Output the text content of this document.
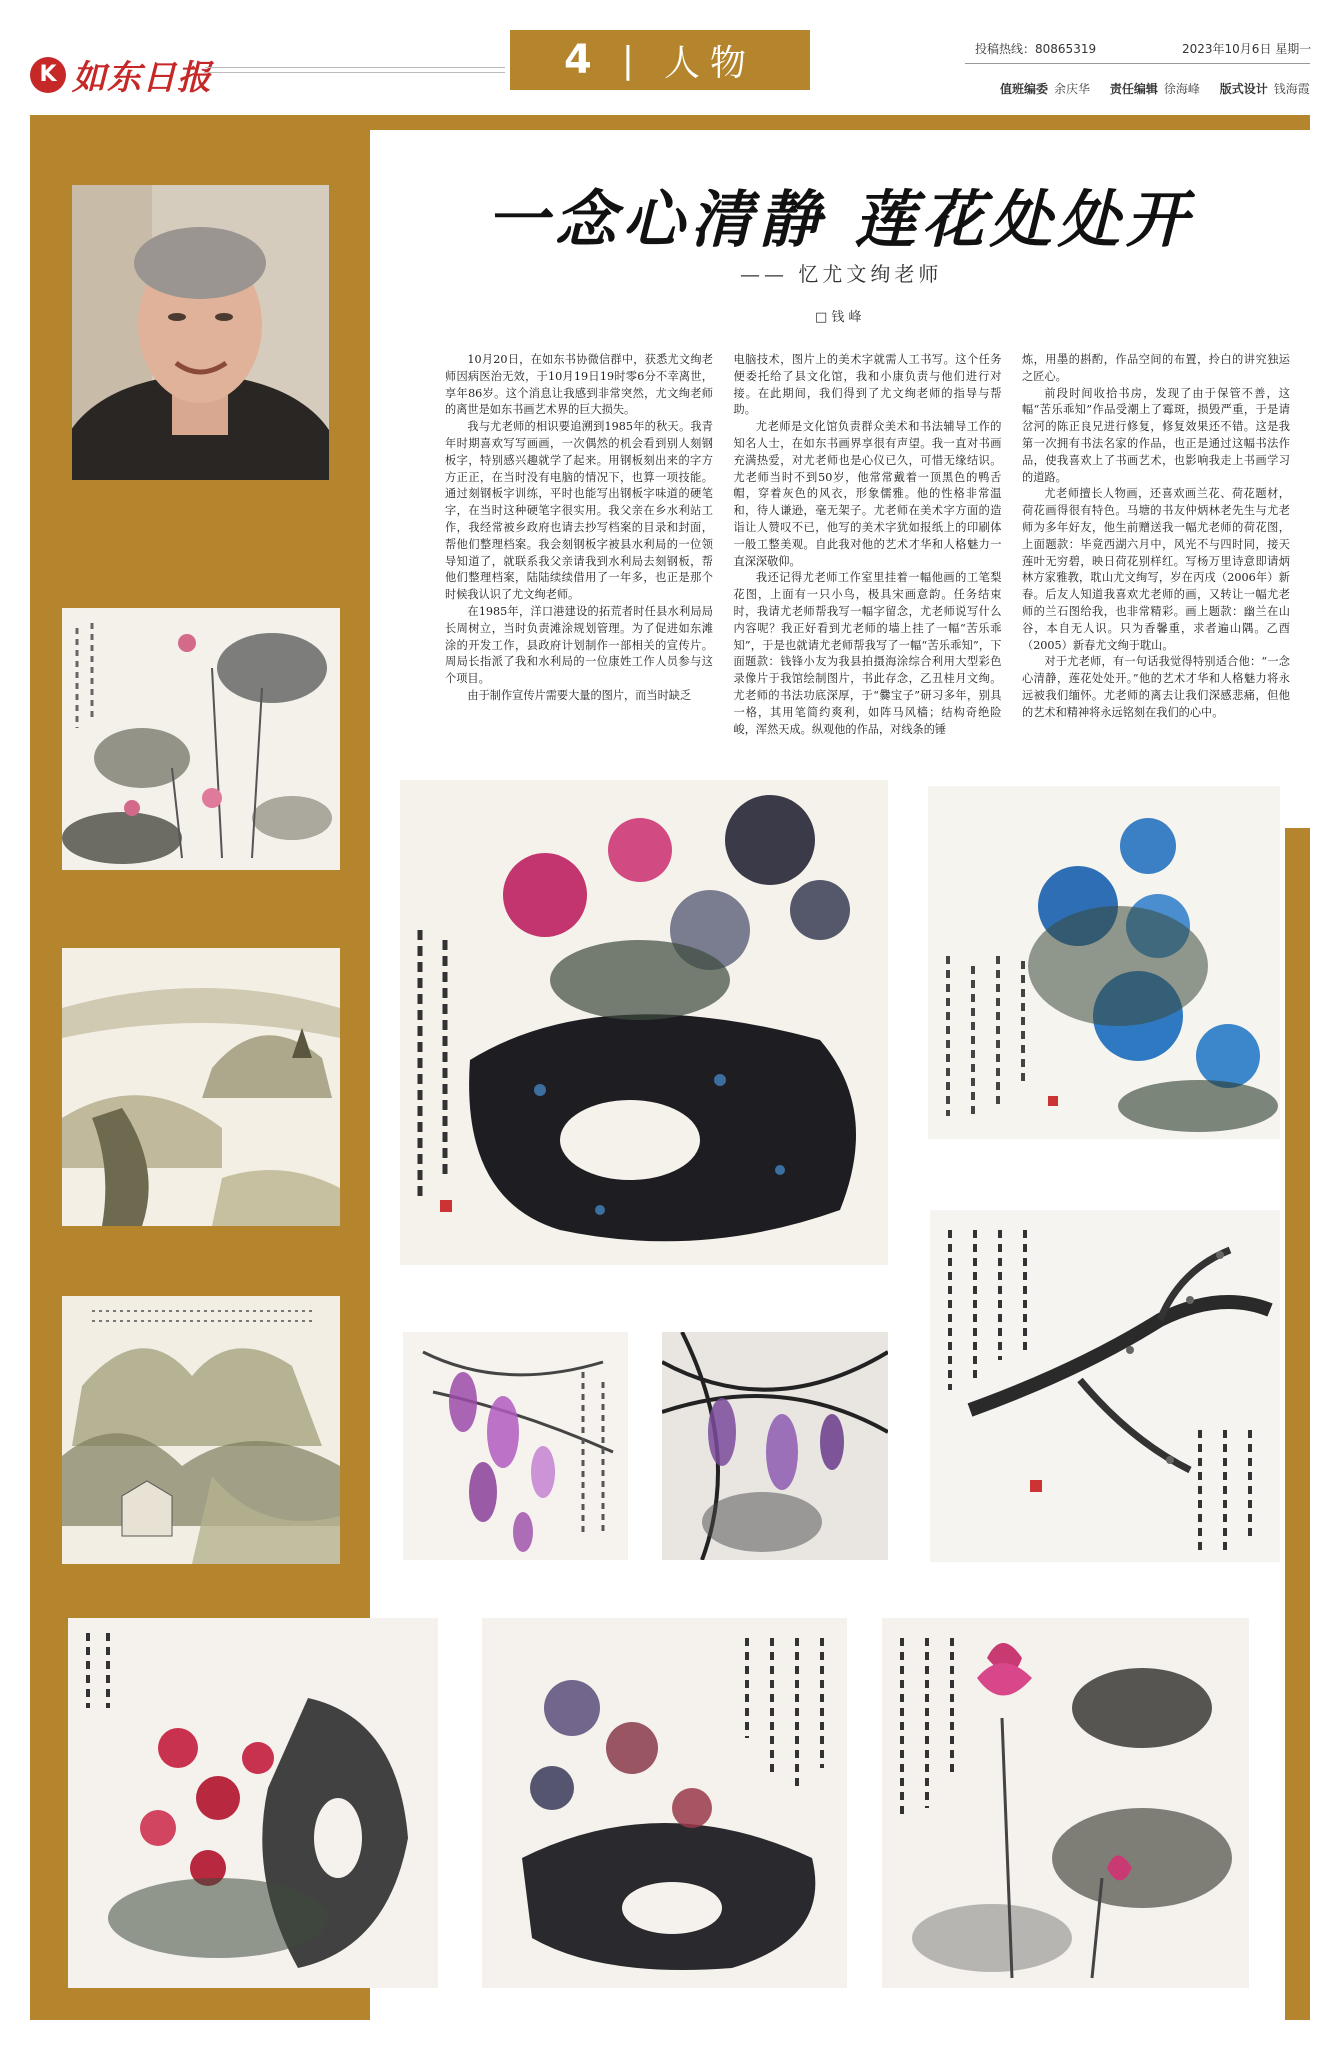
K 如东日报	4 | 人物	投稿热线：80865319	2023年10月6日 星期一
值班编委 余庆华 责任编辑 徐海峰 版式设计 钱海霞
一念心清静 莲花处处开
—— 忆尤文绚老师
□ 钱 峰

10月20日，在如东书协微信群中，获悉尤文绚老师因病医治无效，于10月19日19时零6分不幸离世，享年86岁。这个消息让我感到非常突然，尤文绚老师的离世是如东书画艺术界的巨大损失。

我与尤老师的相识要追溯到1985年的秋天。我青年时期喜欢写写画画，一次偶然的机会看到别人刻钢板字，特别感兴趣就学了起来。用钢板刻出来的字方方正正，在当时没有电脑的情况下，也算一项技能。通过刻钢板字训练，平时也能写出钢板字味道的硬笔字，在当时这种硬笔字很实用。我父亲在乡水利站工作，我经常被乡政府也请去抄写档案的目录和封面，帮他们整理档案。我会刻钢板字被县水利局的一位领导知道了，就联系我父亲请我到水利局去刻钢板，帮他们整理档案，陆陆续续借用了一年多，也正是那个时候我认识了尤文绚老师。

在1985年，洋口港建设的拓荒者时任县水利局局长周树立，当时负责滩涂规划管理。为了促进如东滩涂的开发工作，县政府计划制作一部相关的宣传片。周局长指派了我和水利局的一位康姓工作人员参与这个项目。

由于制作宣传片需要大量的图片，而当时缺乏

电脑技术，图片上的美术字就需人工书写。这个任务便委托给了县文化馆，我和小康负责与他们进行对接。在此期间，我们得到了尤文绚老师的指导与帮助。

尤老师是文化馆负责群众美术和书法辅导工作的知名人士，在如东书画界享很有声望。我一直对书画充满热爱，对尤老师也是心仪已久，可惜无缘结识。尤老师当时不到50岁，他常常戴着一顶黑色的鸭舌帽，穿着灰色的风衣，形象儒雅。他的性格非常温和，待人谦逊，毫无架子。尤老师在美术字方面的造诣让人赞叹不已，他写的美术字犹如报纸上的印刷体一般工整美观。自此我对他的艺术才华和人格魅力一直深深敬仰。

我还记得尤老师工作室里挂着一幅他画的工笔梨花图，上面有一只小鸟，极具宋画意韵。任务结束时，我请尤老师帮我写一幅字留念，尤老师说写什么内容呢？我正好看到尤老师的墙上挂了一幅“苦乐乖知”，于是也就请尤老师帮我写了一幅“苦乐乖知”，下面题款：钱锋小友为我县拍摄海涂综合利用大型彩色录像片于我馆绘制图片，书此存念，乙丑桂月文绚。尤老师的书法功底深厚，于“爨宝子”研习多年，别具一格，其用笔简约爽利，如阵马风樯；结构奇绝险峻，浑然天成。纵观他的作品，对线条的锤

炼，用墨的斟酌，作品空间的布置，拎白的讲究独运之匠心。

前段时间收拾书房，发现了由于保管不善，这幅“苦乐乖知”作品受潮上了霉斑，损毁严重，于是请岔河的陈正良兄进行修复，修复效果还不错。这是我第一次拥有书法名家的作品，也正是通过这幅书法作品，使我喜欢上了书画艺术，也影响我走上书画学习的道路。

尤老师擅长人物画，还喜欢画兰花、荷花题材，荷花画得很有特色。马塘的书友仲炳林老先生与尤老师为多年好友，他生前赠送我一幅尤老师的荷花图，上面题款：毕竟西湖六月中，风光不与四时同，接天莲叶无穷碧，映日荷花别样红。写杨万里诗意即请炳林方家雅教，耽山尤文绚写，岁在丙戌（2006年）新春。后友人知道我喜欢尤老师的画，又转让一幅尤老师的兰石图给我，也非常精彩。画上题款：幽兰在山谷，本自无人识。只为香馨重，求者遍山隅。乙酉（2005）新春尤文绚于耽山。

对于尤老师，有一句话我觉得特别适合他：“一念心清静，莲花处处开。”他的艺术才华和人格魅力将永远被我们缅怀。尤老师的离去让我们深感悲痛，但他的艺术和精神将永远铭刻在我们的心中。
